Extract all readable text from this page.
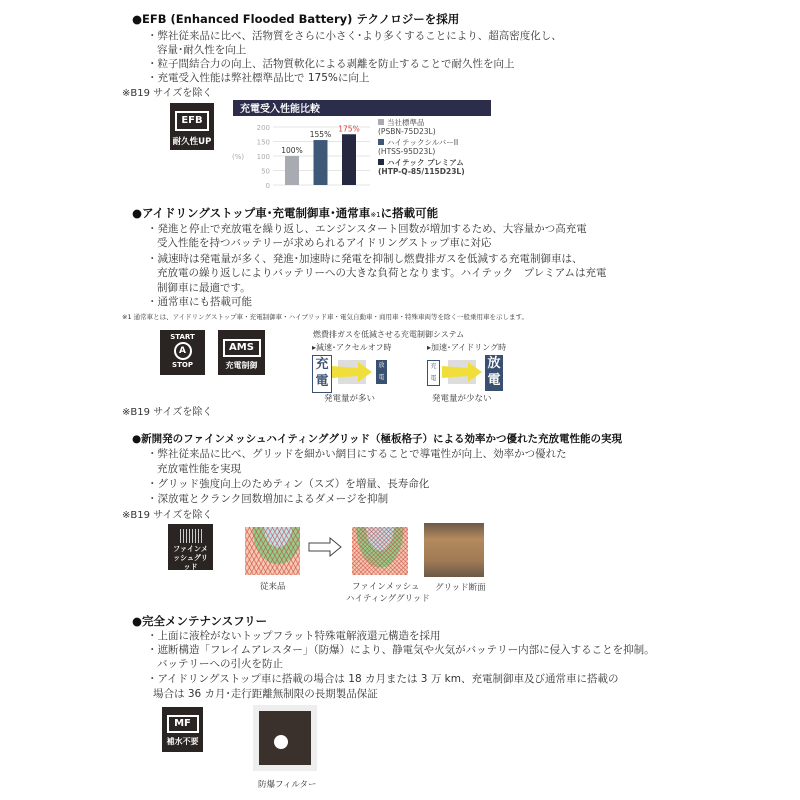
●EFB (Enhanced Flooded Battery) テクノロジーを採用
・弊社従来品に比べ、活物質をさらに小さく･より多くすることにより、超高密度化し、
容量･耐久性を向上
・粒子間結合力の向上、活物質軟化による剥離を防止することで耐久性を向上
・充電受入性能は弊社標準品比で 175%に向上
※B19 サイズを除く
EFB
耐久性UP
充電受入性能比較
200
150
100
50
0
(%)
100%
当社標準品
(PSBN-75D23L)
155%
ハイテックシルバーII
(HTSS-95D23L)
175%
ハイテック プレミアム
(HTP-Q-85/115D23L)
●アイドリングストップ車･充電制御車･通常車※1に搭載可能
・発進と停止で充放電を繰り返し、エンジンスタート回数が増加するため、大容量かつ高充電
受入性能を持つバッテリーが求められるアイドリングストップ車に対応
・減速時は発電量が多く、発進･加速時に発電を抑制し燃費排ガスを低減する充電制御車は、
充放電の繰り返しによりバッテリーへの大きな負荷となります。ハイテック　プレミアムは充電
制御車に最適です。
・通常車にも搭載可能
※1 通常車とは、アイドリングストップ車・充電制御車・ハイブリッド車・電気自動車・商用車・特殊車両等を除く一般乗用車を示します。
START
A
STOP
AMS
充電制御
燃費排ガスを低減させる充電制御システム
▸減速･アクセルオフ時	▸加速･アイドリング時
充電
放電
充電
放電
発電量が多い	発電量が少ない
※B19 サイズを除く
●新開発のファインメッシュハイティンググリッド（極板格子）による効率かつ優れた充放電性能の実現
・弊社従来品に比べ、グリッドを細かい網目にすることで導電性が向上、効率かつ優れた
充放電性能を実現
・グリッド強度向上のためティン（スズ）を増量、長寿命化
・深放電とクランク回数増加によるダメージを抑制
※B19 サイズを除く
ファインメッシュグリッド
従来品	ファインメッシュ
ハイティンググリッド
グリッド断面
●完全メンテナンスフリー
・上面に液栓がないトップフラット特殊電解液還元構造を採用
・遮断構造「フレイムアレスター」（防爆）により、静電気や火気がバッテリー内部に侵入することを抑制。
バッテリーへの引火を防止
・アイドリングストップ車に搭載の場合は 18 カ月または 3 万 km、充電制御車及び通常車に搭載の
場合は 36 カ月･走行距離無制限の長期製品保証
MF
補水不要
防爆フィルター
